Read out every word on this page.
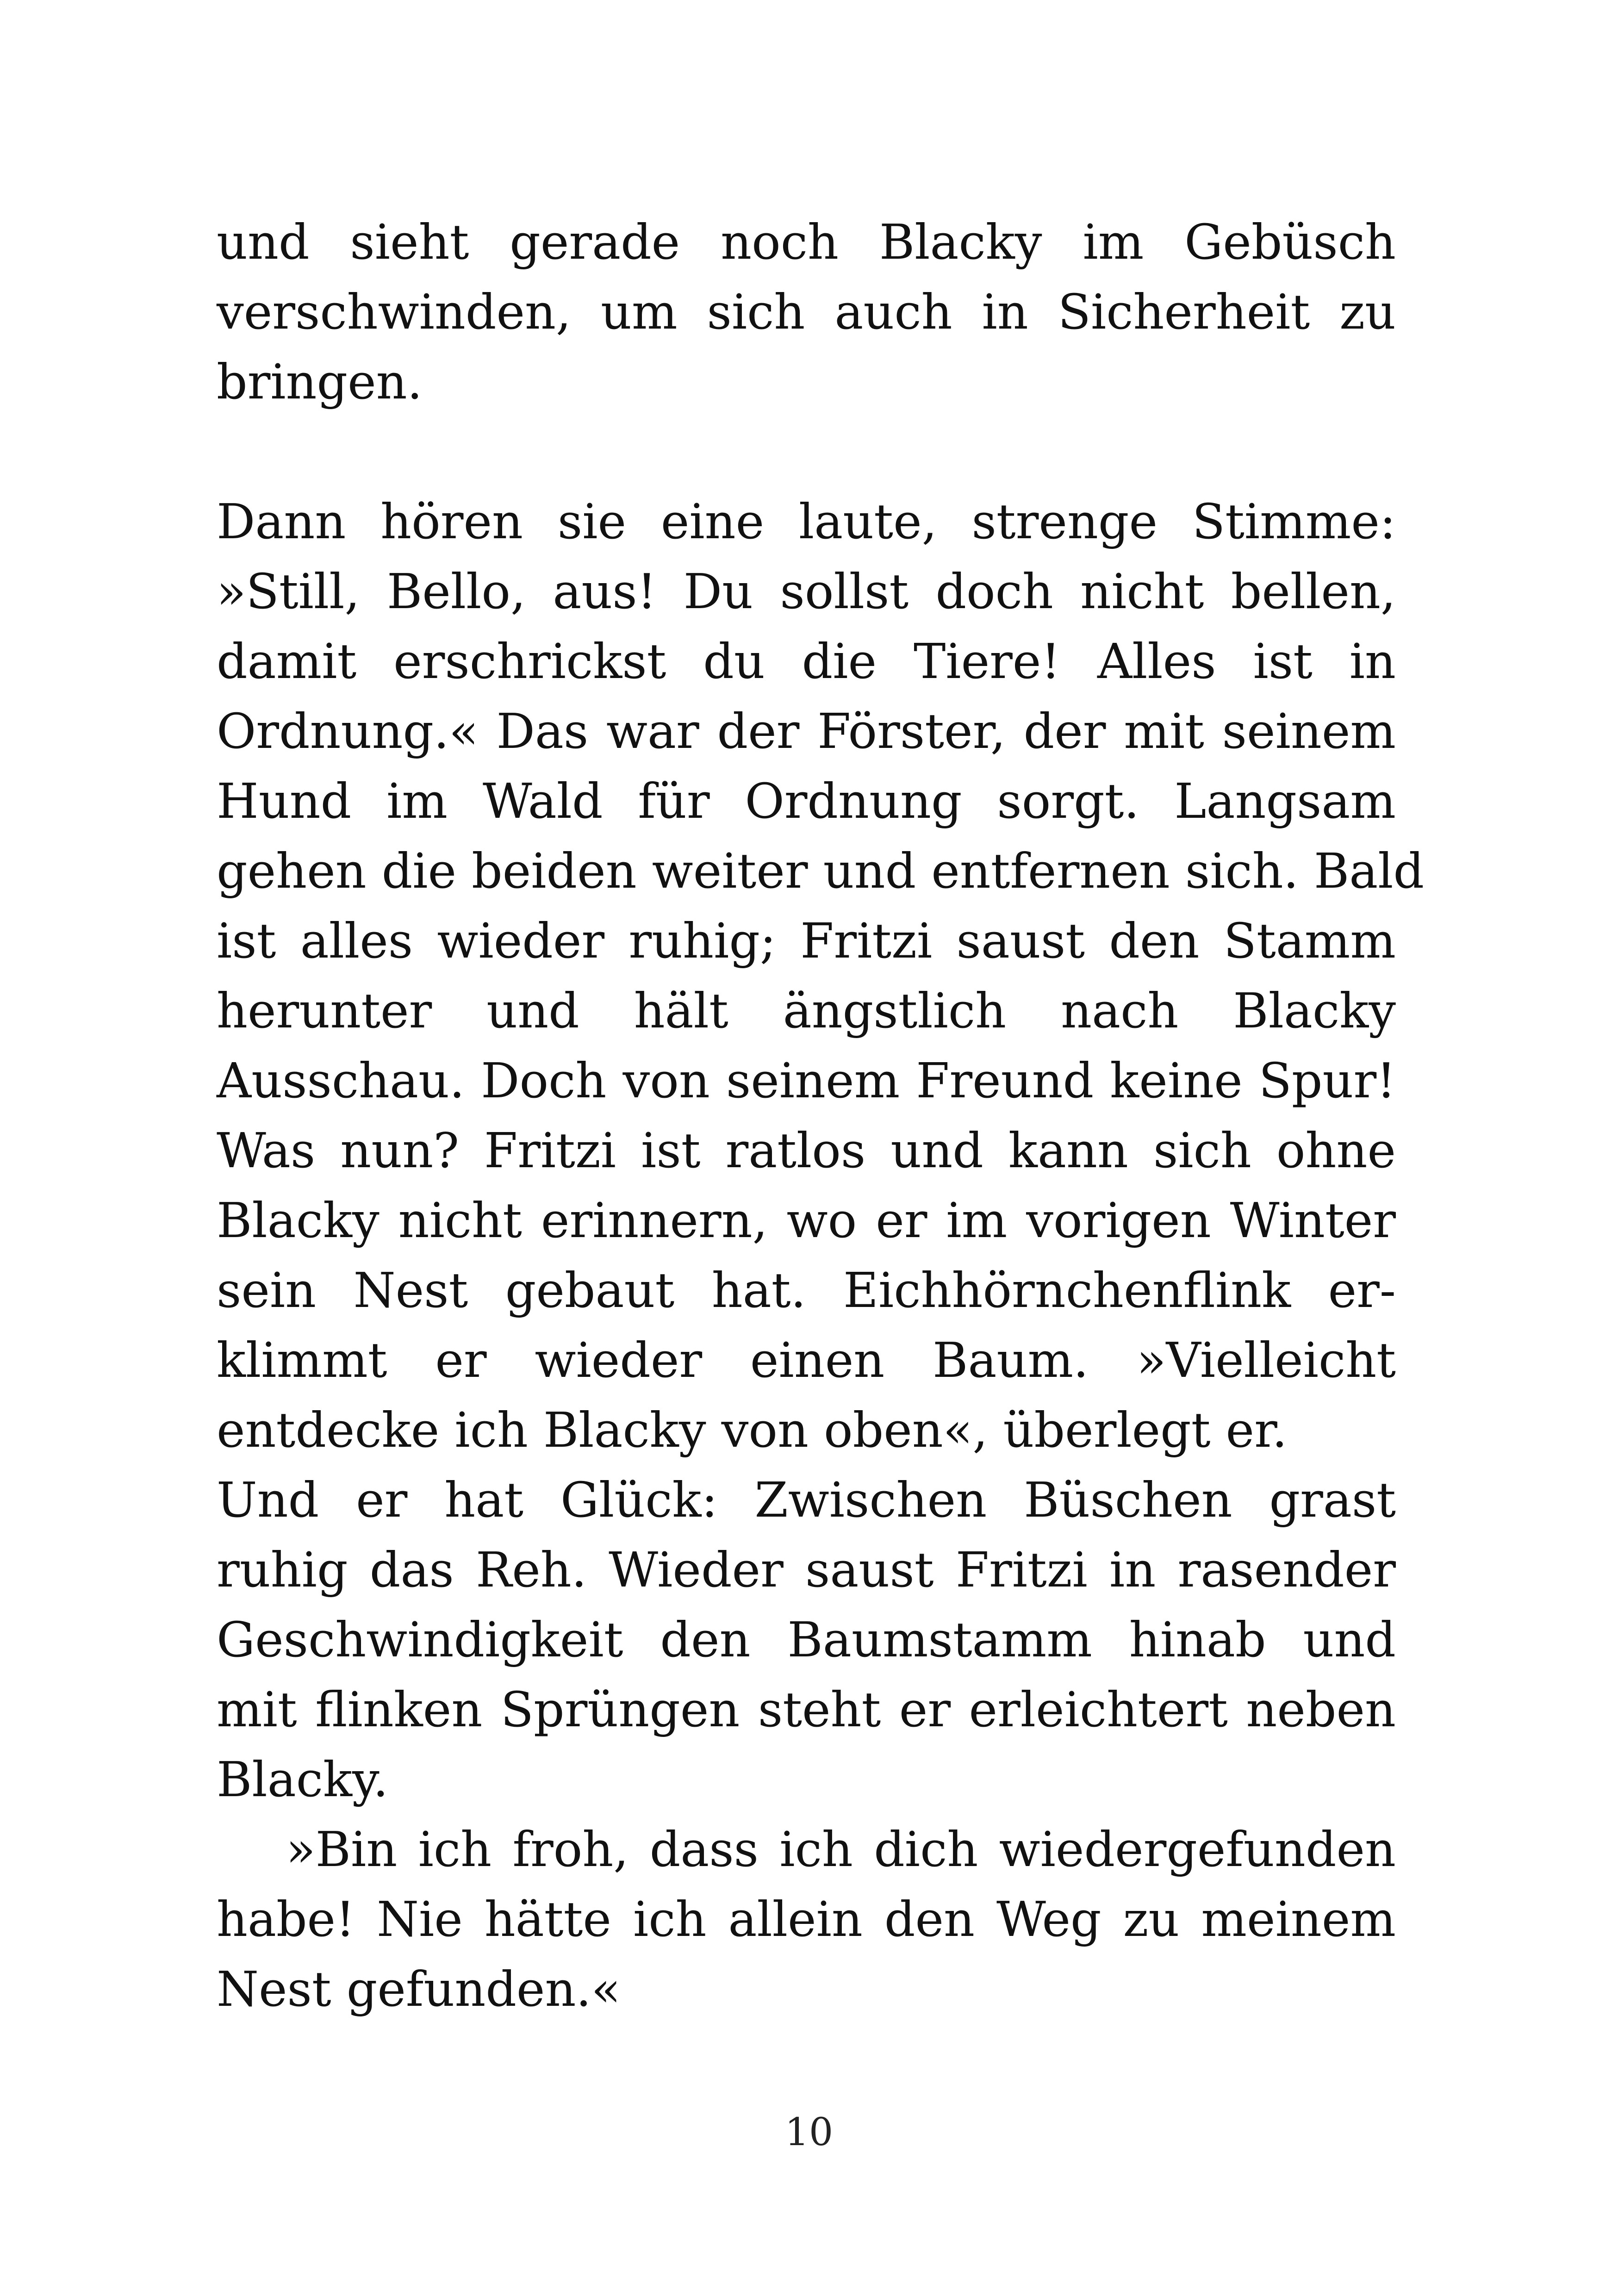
und sieht gerade noch Blacky im Gebüsch
verschwinden, um sich auch in Sicherheit zu
bringen.
Dann hören sie eine laute, strenge Stimme:
»Still, Bello, aus! Du sollst doch nicht bellen,
damit erschrickst du die Tiere! Alles ist in
Ordnung.« Das war der Förster, der mit seinem
Hund im Wald für Ordnung sorgt. Langsam
gehen die beiden weiter und entfernen sich. Bald
ist alles wieder ruhig; Fritzi saust den Stamm
herunter und hält ängstlich nach Blacky
Ausschau. Doch von seinem Freund keine Spur!
Was nun? Fritzi ist ratlos und kann sich ohne
Blacky nicht erinnern, wo er im vorigen Winter
sein Nest gebaut hat. Eichhörnchenflink er-
klimmt er wieder einen Baum. »Vielleicht
entdecke ich Blacky von oben«, überlegt er.
Und er hat Glück: Zwischen Büschen grast
ruhig das Reh. Wieder saust Fritzi in rasender
Geschwindigkeit den Baumstamm hinab und
mit flinken Sprüngen steht er erleichtert neben
Blacky.
»Bin ich froh, dass ich dich wiedergefunden
habe! Nie hätte ich allein den Weg zu meinem
Nest gefunden.«
10
